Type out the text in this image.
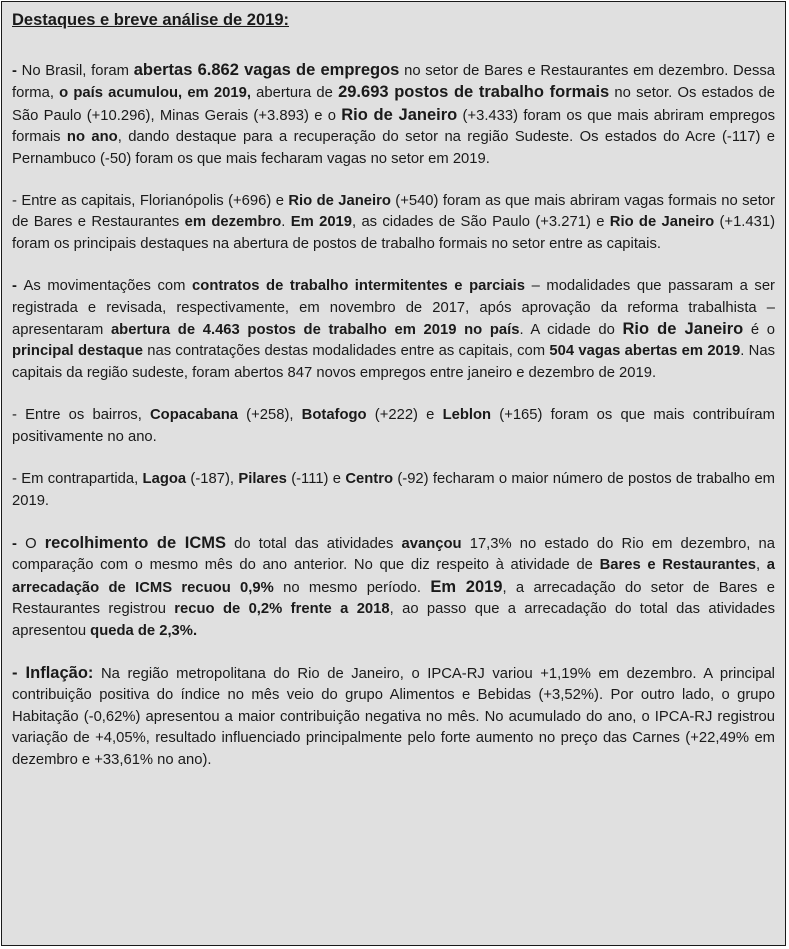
Destaques e breve análise de 2019:

- No Brasil, foram abertas 6.862 vagas de empregos no setor de Bares e Restaurantes em dezembro. Dessa forma, o país acumulou, em 2019, abertura de 29.693 postos de trabalho formais no setor. Os estados de São Paulo (+10.296), Minas Gerais (+3.893) e o Rio de Janeiro (+3.433) foram os que mais abriram empregos formais no ano, dando destaque para a recuperação do setor na região Sudeste. Os estados do Acre (-117) e Pernambuco (-50) foram os que mais fecharam vagas no setor em 2019.

- Entre as capitais, Florianópolis (+696) e Rio de Janeiro (+540) foram as que mais abriram vagas formais no setor de Bares e Restaurantes em dezembro. Em 2019, as cidades de São Paulo (+3.271) e Rio de Janeiro (+1.431) foram os principais destaques na abertura de postos de trabalho formais no setor entre as capitais.

- As movimentações com contratos de trabalho intermitentes e parciais – modalidades que passaram a ser registrada e revisada, respectivamente, em novembro de 2017, após aprovação da reforma trabalhista – apresentaram abertura de 4.463 postos de trabalho em 2019 no país. A cidade do Rio de Janeiro é o principal destaque nas contratações destas modalidades entre as capitais, com 504 vagas abertas em 2019. Nas capitais da região sudeste, foram abertos 847 novos empregos entre janeiro e dezembro de 2019.

- Entre os bairros, Copacabana (+258), Botafogo (+222) e Leblon (+165) foram os que mais contribuíram positivamente no ano.

- Em contrapartida, Lagoa (-187), Pilares (-111) e Centro (-92) fecharam o maior número de postos de trabalho em 2019.

- O recolhimento de ICMS do total das atividades avançou 17,3% no estado do Rio em dezembro, na comparação com o mesmo mês do ano anterior. No que diz respeito à atividade de Bares e Restaurantes, a arrecadação de ICMS recuou 0,9% no mesmo período. Em 2019, a arrecadação do setor de Bares e Restaurantes registrou recuo de 0,2% frente a 2018, ao passo que a arrecadação do total das atividades apresentou queda de 2,3%.

- Inflação: Na região metropolitana do Rio de Janeiro, o IPCA-RJ variou +1,19% em dezembro. A principal contribuição positiva do índice no mês veio do grupo Alimentos e Bebidas (+3,52%). Por outro lado, o grupo Habitação (-0,62%) apresentou a maior contribuição negativa no mês. No acumulado do ano, o IPCA-RJ registrou variação de +4,05%, resultado influenciado principalmente pelo forte aumento no preço das Carnes (+22,49% em dezembro e +33,61% no ano).
